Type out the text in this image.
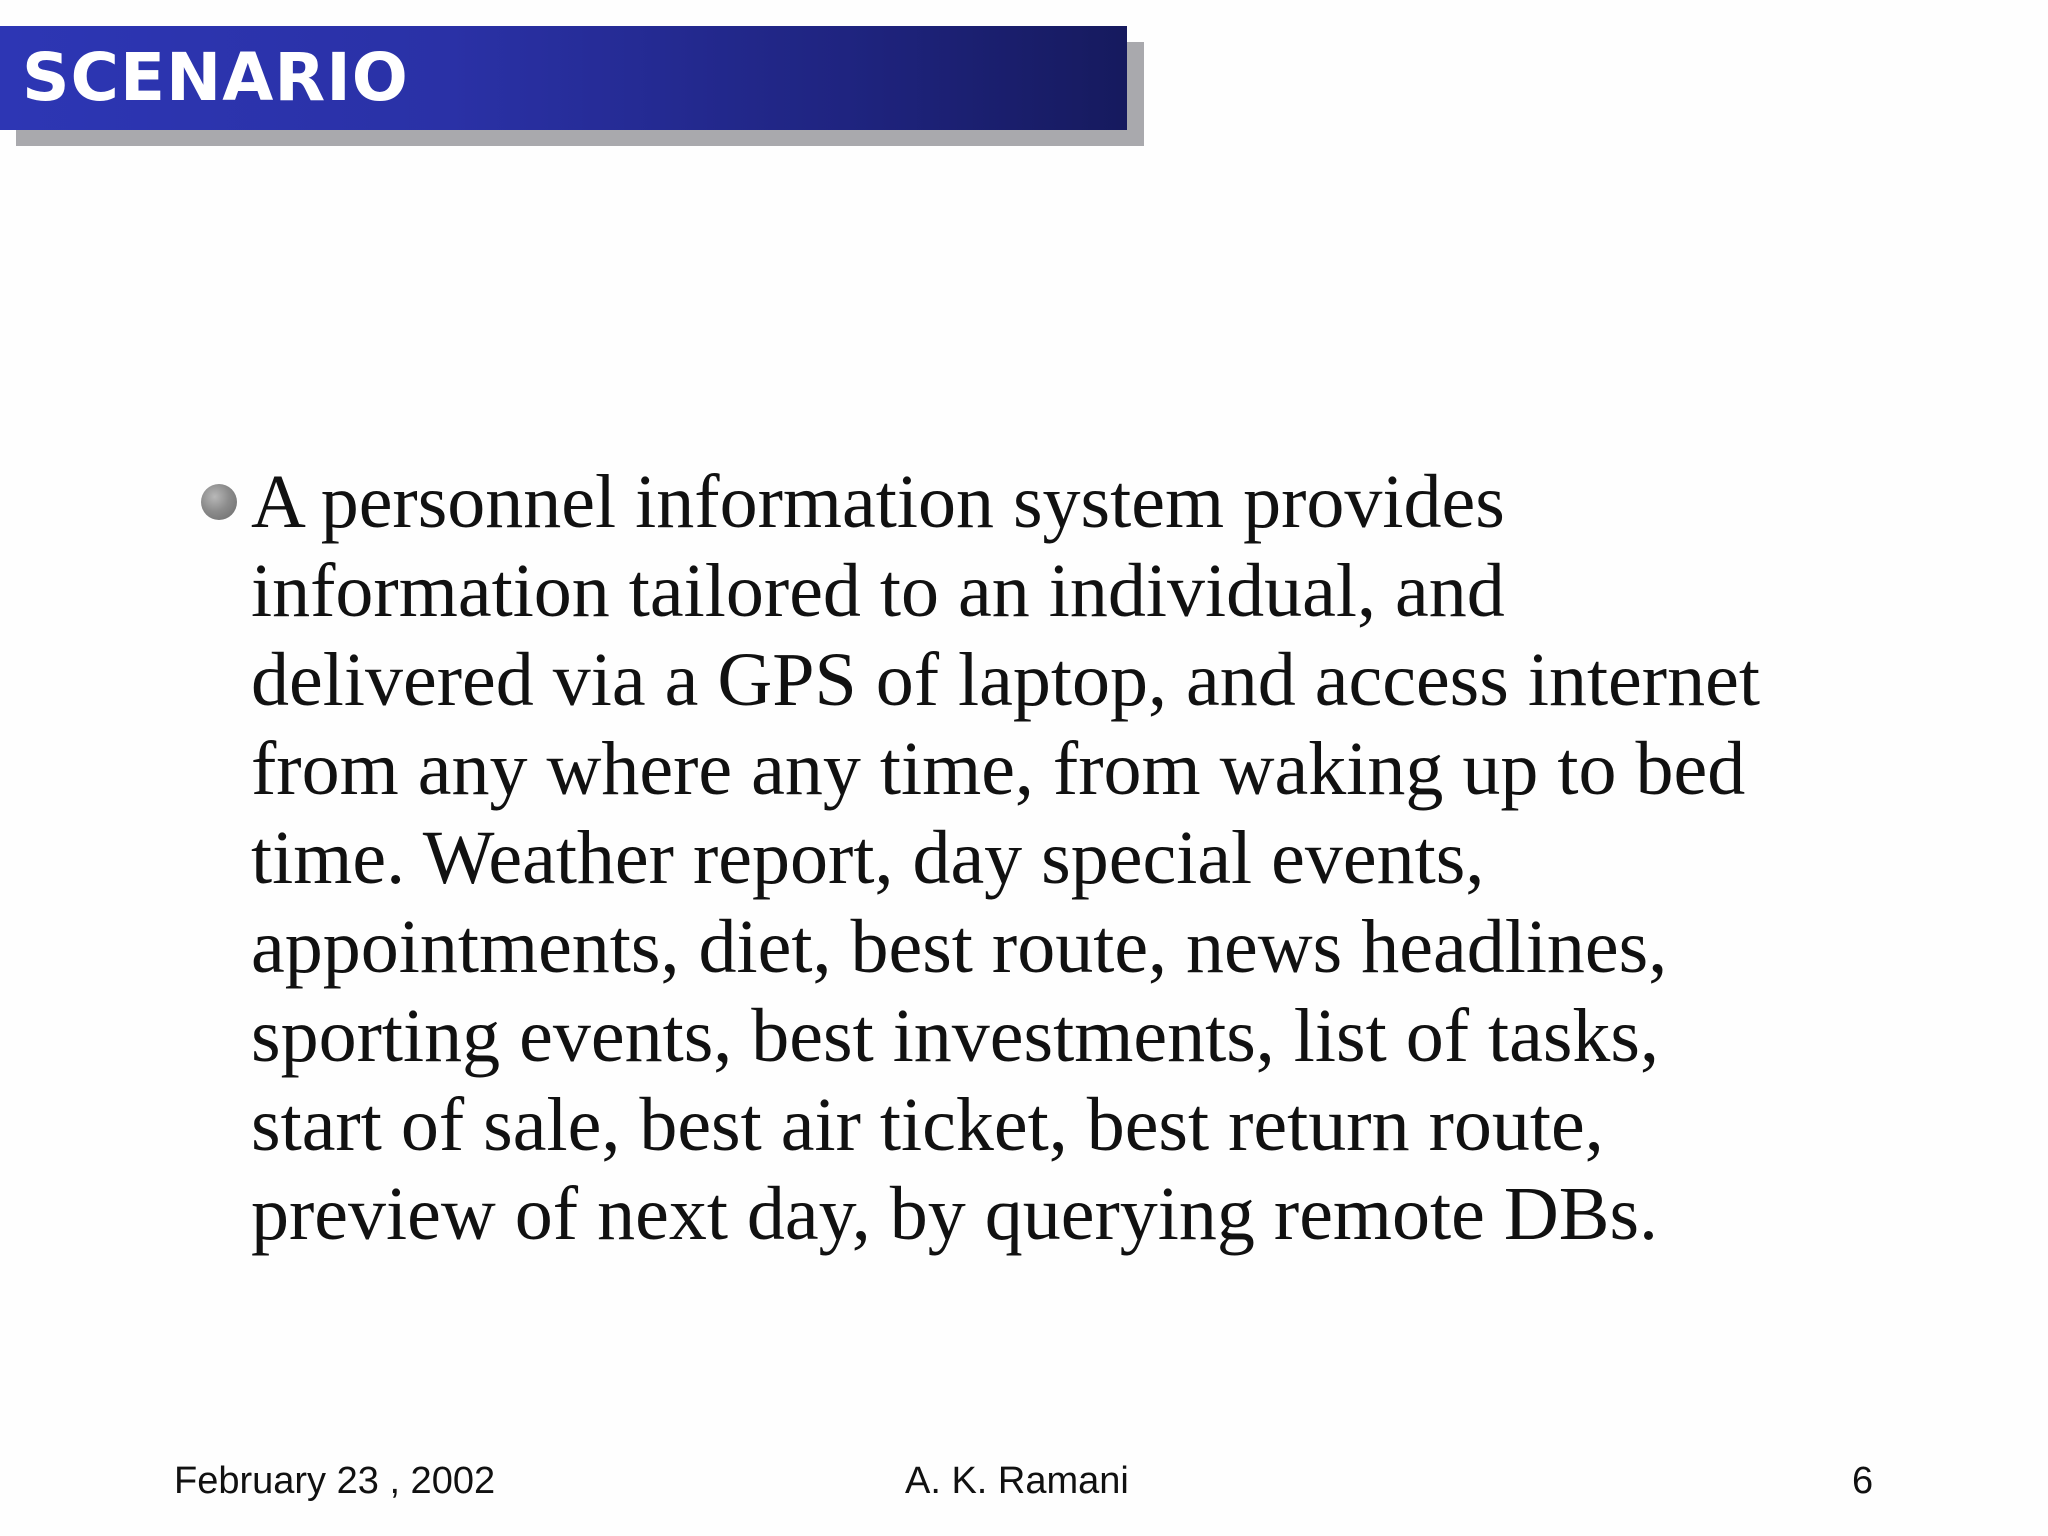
SCENARIO
A personnel information system provides
information tailored to an individual, and
delivered via a GPS of laptop, and access internet
from any where any time, from waking up to bed
time. Weather report, day special events,
appointments, diet, best route, news headlines,
sporting events, best investments, list of tasks,
start of sale, best air ticket, best return route,
preview of next day, by querying remote DBs.
February 23 , 2002	A. K. Ramani	6
